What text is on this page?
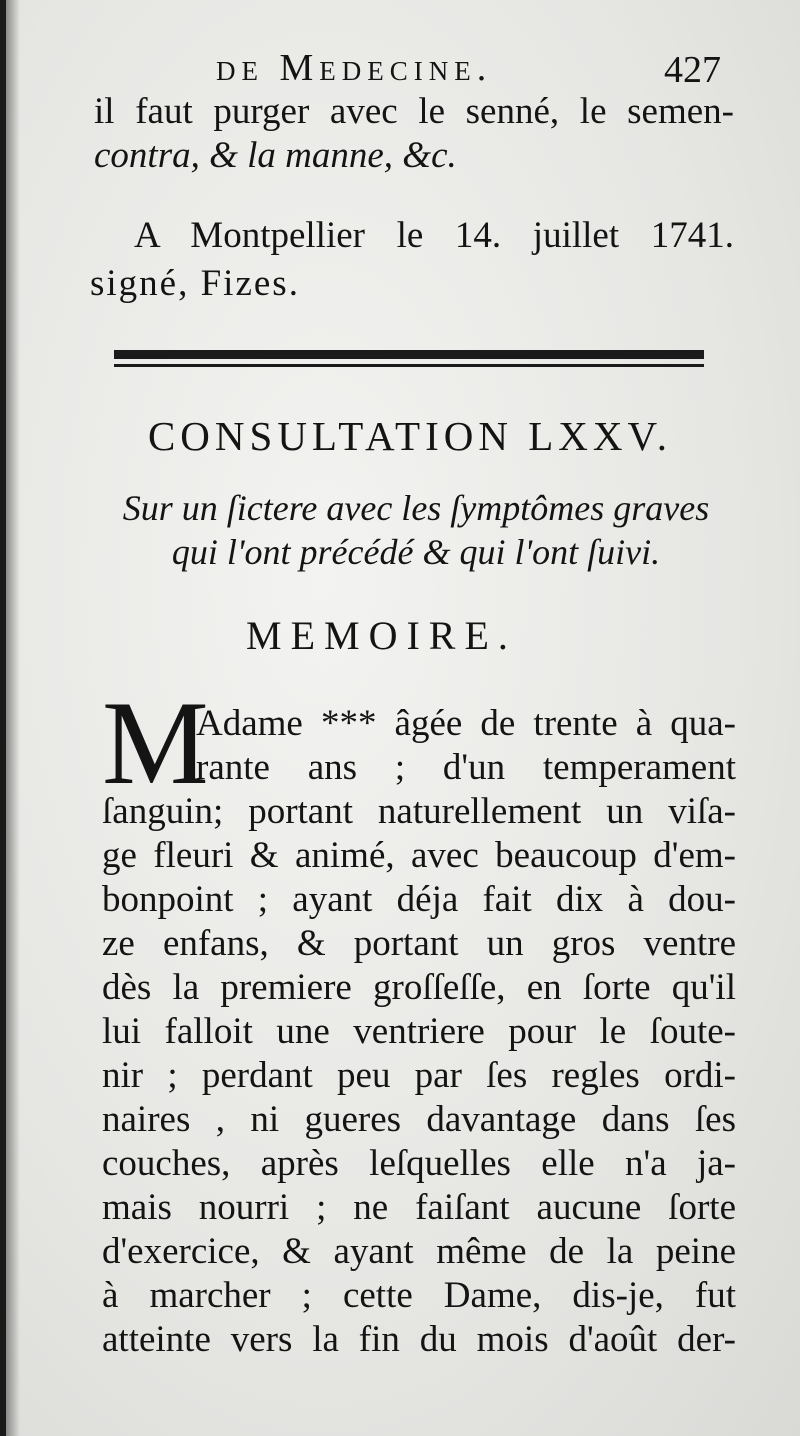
de Medecine.	427
il faut purger avec le senné, le semen-
contra, & la manne, &c.
A Montpellier le 14. juillet 1741.
signé, Fizes.
CONSULTATION LXXV.
Sur un ſictere avec les ſymptômes graves
qui l'ont précédé & qui l'ont ſuivi.
MEMOIRE.
M
Adame *** âgée de trente à qua-
rante ans ; d'un temperament
ſanguin; portant naturellement un viſa-
ge fleuri & animé, avec beaucoup d'em-
bonpoint ; ayant déja fait dix à dou-
ze enfans, & portant un gros ventre
dès la premiere groſſeſſe, en ſorte qu'il
lui falloit une ventriere pour le ſoute-
nir ; perdant peu par ſes regles ordi-
naires , ni gueres davantage dans ſes
couches, après leſquelles elle n'a ja-
mais nourri ; ne faiſant aucune ſorte
d'exercice, & ayant même de la peine
à marcher ; cette Dame, dis-je, fut
atteinte vers la fin du mois d'août der-
